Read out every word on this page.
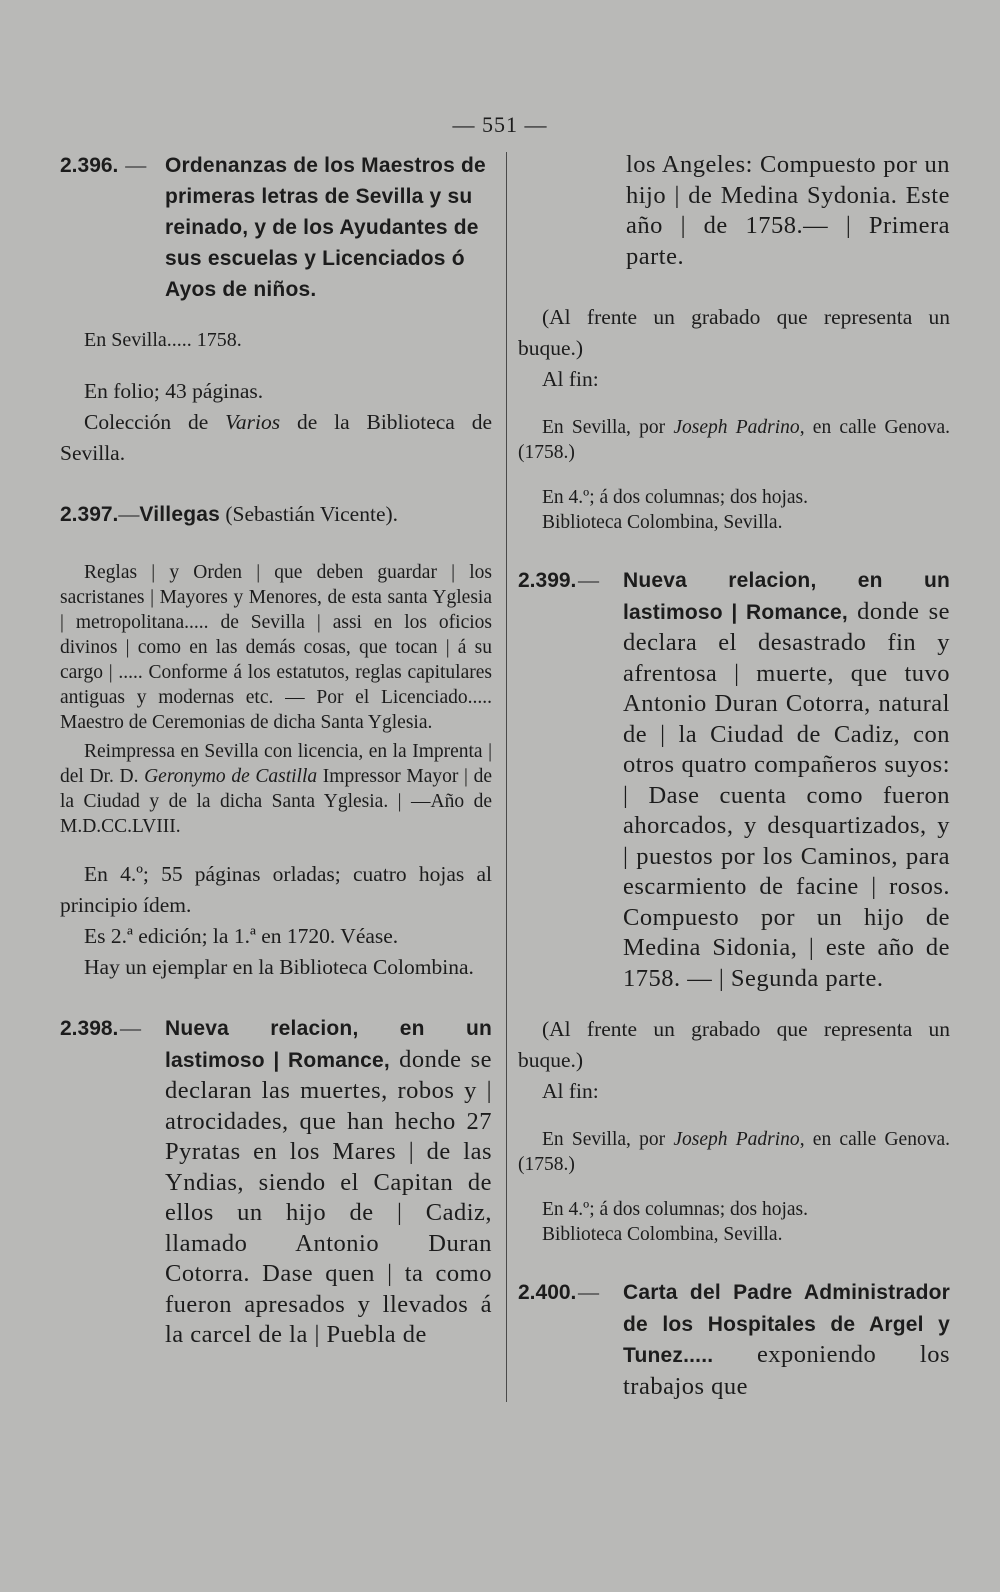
— 551 —
2.396. — Ordenanzas de los Maestros de primeras letras de Sevilla y su reinado, y de los Ayudantes de sus escuelas y Licenciados ó Ayos de niños.

En Sevilla..... 1758.

En folio; 43 páginas.

Colección de Varios de la Biblioteca de Sevilla.

2.397.—Villegas (Sebastián Vicente).

Reglas | y Orden | que deben guardar | los sacristanes | Mayores y Menores, de esta santa Yglesia | metropolitana..... de Sevilla | assi en los oficios divinos | como en las demás cosas, que tocan | á su cargo | ..... Conforme á los estatutos, reglas capitulares antiguas y modernas etc. — Por el Licenciado..... Maestro de Ceremonias de dicha Santa Yglesia.

Reimpressa en Sevilla con licencia, en la Imprenta | del Dr. D. Geronymo de Castilla Impressor Mayor | de la Ciudad y de la dicha Santa Yglesia. | —Año de M.D.CC.LVIII.

En 4.º; 55 páginas orladas; cuatro hojas al principio ídem.

Es 2.ª edición; la 1.ª en 1720. Véase.

Hay un ejemplar en la Biblioteca Colombina.

2.398. —	Nueva relacion, en un lastimoso | Romance, donde se declaran las muertes, robos y | atrocidades, que han hecho 27 Pyratas en los Mares | de las Yndias, siendo el Capitan de ellos un hijo de | Cadiz, llamado Antonio Duran Cotorra. Dase quen | ta como fueron apresados y llevados á la carcel de la | Puebla de

los Angeles: Compuesto por un hijo | de Medina Sydonia. Este año | de 1758.— | Primera parte.

(Al frente un grabado que representa un buque.)

Al fin:

En Sevilla, por Joseph Padrino, en calle Genova. (1758.)

En 4.º; á dos columnas; dos hojas.

Biblioteca Colombina, Sevilla.

2.399. —	Nueva relacion, en un lastimoso | Romance, donde se declara el desastrado fin y afrentosa | muerte, que tuvo Antonio Duran Cotorra, natural de | la Ciudad de Cadiz, con otros quatro compañeros suyos: | Dase cuenta como fueron ahorcados, y desquartizados, y | puestos por los Caminos, para escarmiento de facine | rosos. Compuesto por un hijo de Medina Sidonia, | este año de 1758. — | Segunda parte.

(Al frente un grabado que representa un buque.)

Al fin:

En Sevilla, por Joseph Padrino, en calle Genova. (1758.)

En 4.º; á dos columnas; dos hojas.

Biblioteca Colombina, Sevilla.

2.400. —	Carta del Padre Administrador de los Hospitales de Argel y Tunez..... exponiendo los trabajos que
